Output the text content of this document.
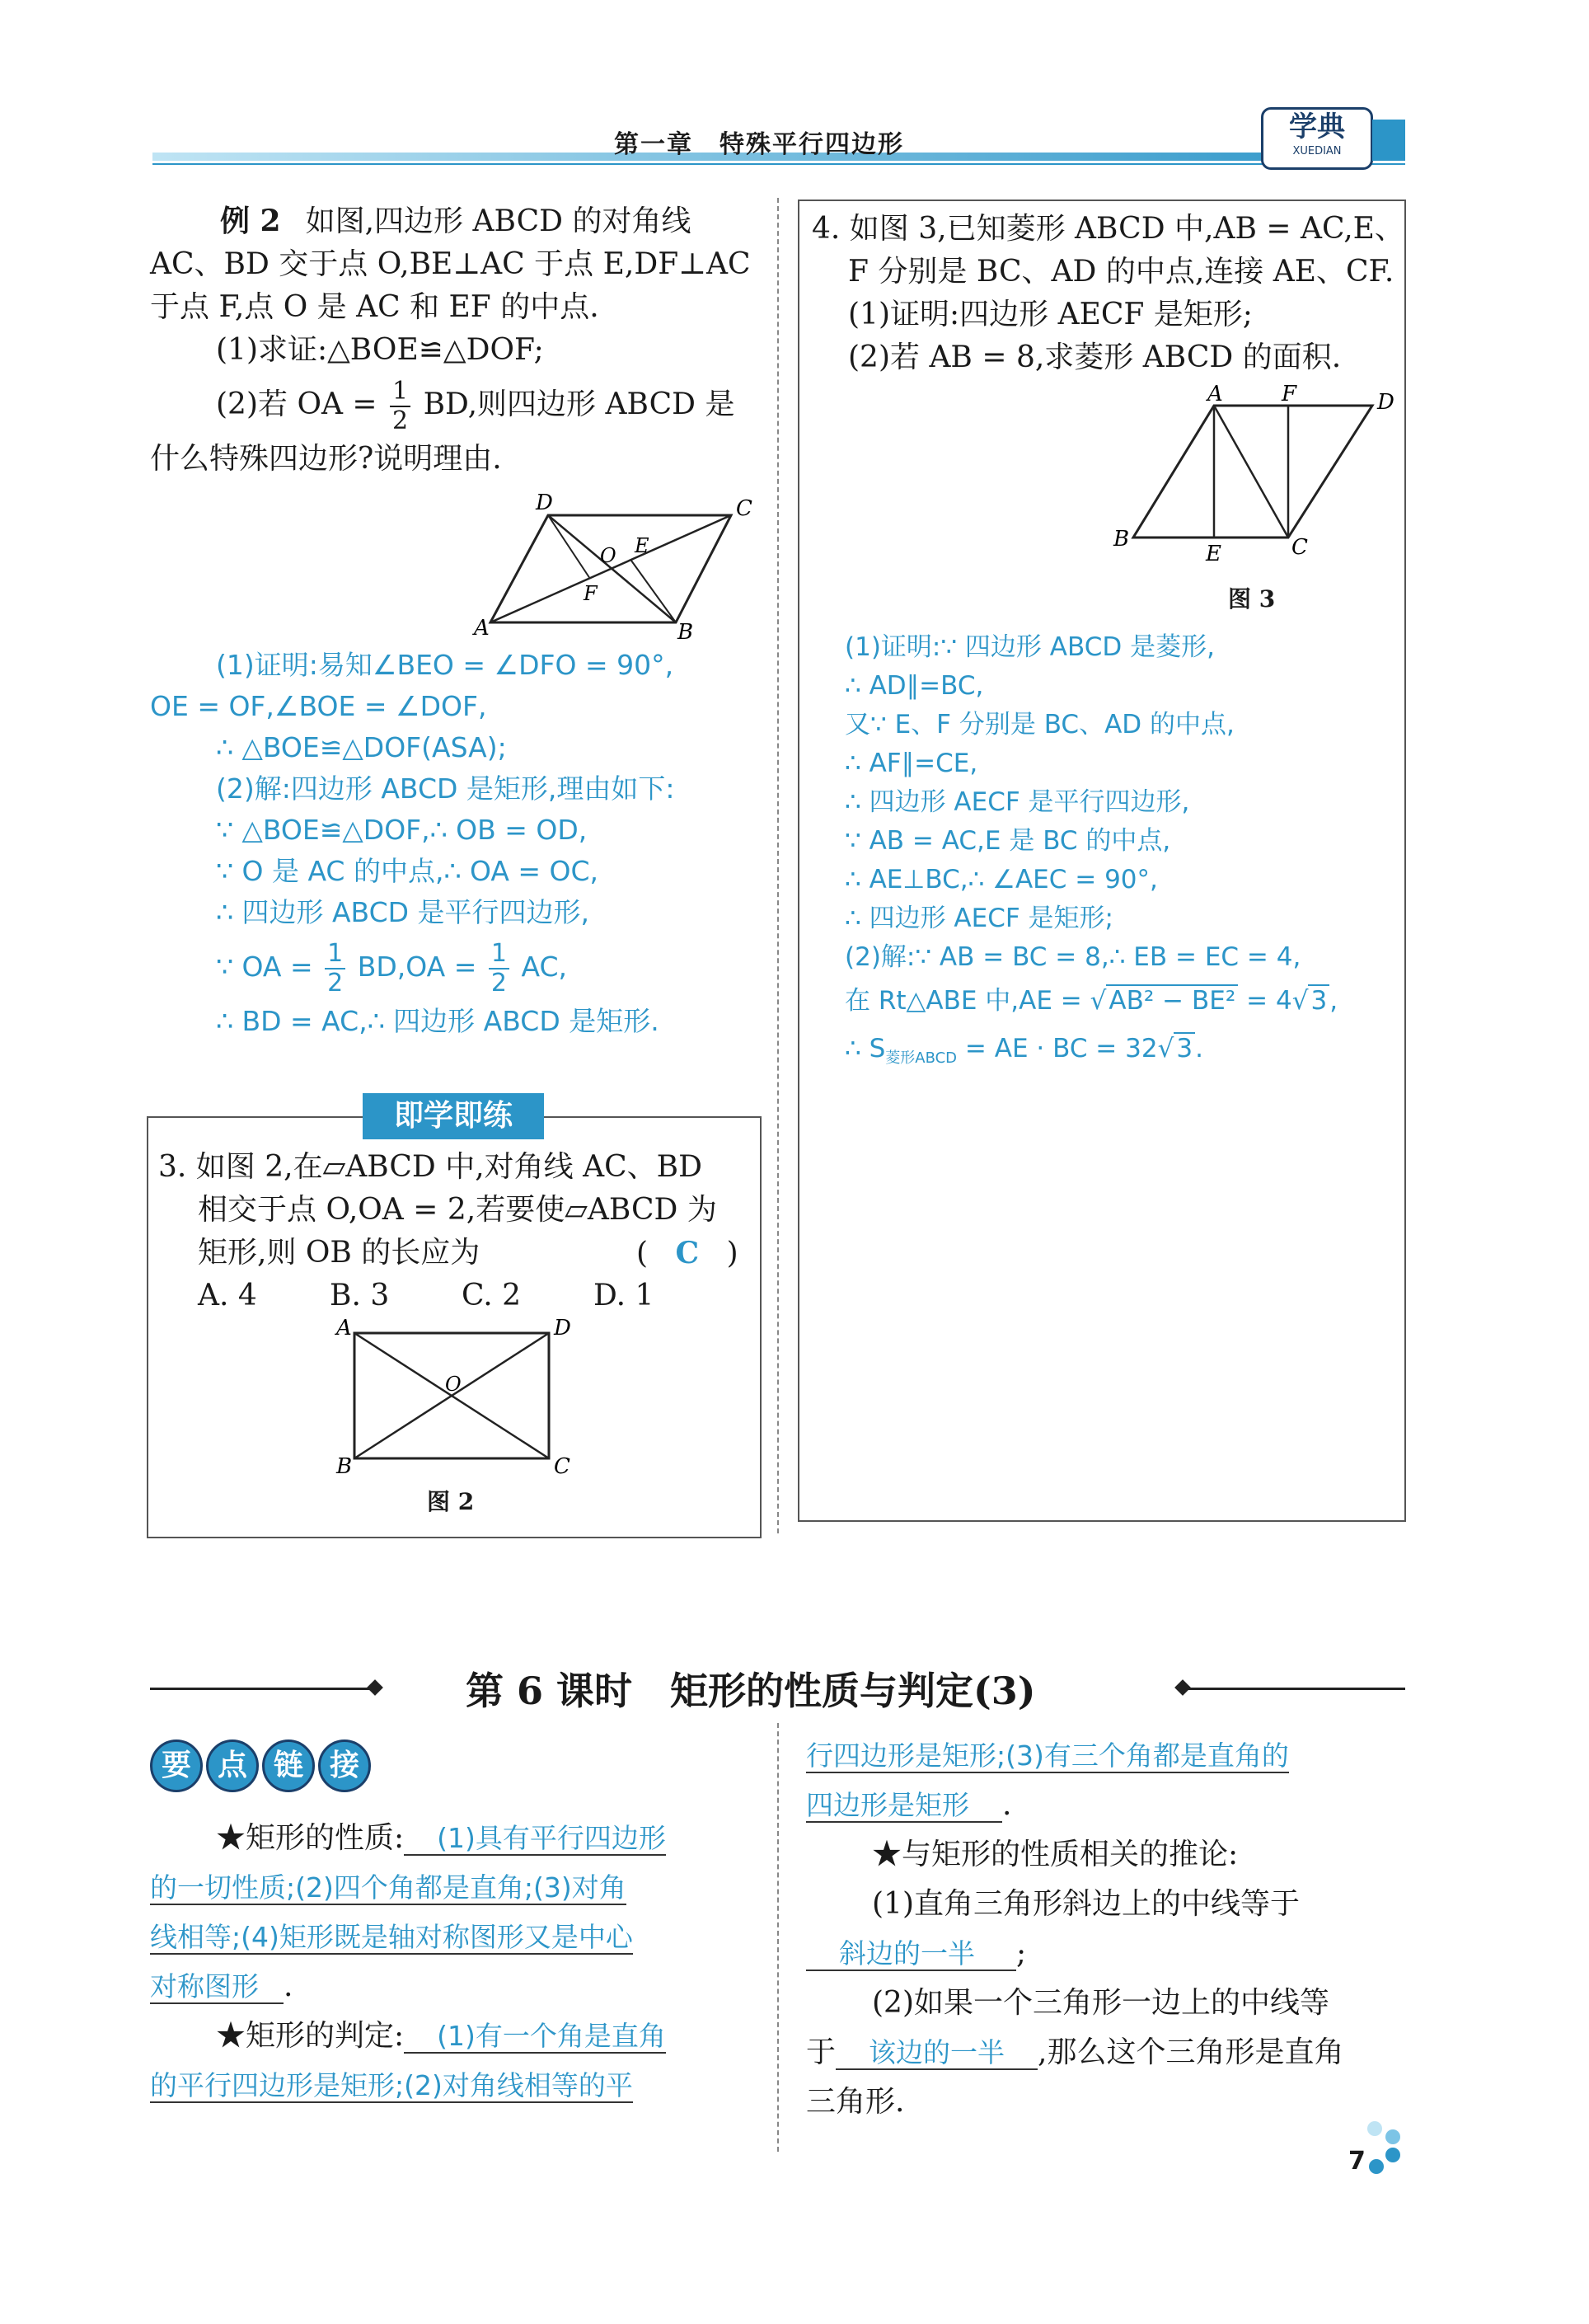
第一章　特殊平行四边形
学典
XUEDIAN
例 2 如图,四边形 ABCD 的对角线
AC、BD 交于点 O,BE⊥AC 于点 E,DF⊥AC
于点 F,点 O 是 AC 和 EF 的中点.
(1)求证:△BOE≌△DOF;
(2)若 OA = $\frac{1}{2}$ BD,则四边形 ABCD 是
什么特殊四边形?说明理由.
D	C
O E
F
A	B
(1)证明:易知∠BEO = ∠DFO = 90°,
OE = OF,∠BOE = ∠DOF,
∴ △BOE≌△DOF(ASA);
(2)解:四边形 ABCD 是矩形,理由如下:
∵ △BOE≌△DOF,∴ OB = OD,
∵ O 是 AC 的中点,∴ OA = OC,
∴ 四边形 ABCD 是平行四边形,
∵ OA = $\frac{1}{2} BD,OA = \frac{1}{2}$ AC,
∴ BD = AC,∴ 四边形 ABCD 是矩形.
即学即练
3. 如图 2,在▱ABCD 中,对角线 AC、BD
相交于点 O,OA = 2,若要使▱ABCD 为
矩形,则 OB 的长应为	( C )
A. 4 B. 3 C. 2 D. 1
A	D
O
B	C
图 2
4. 如图 3,已知菱形 ABCD 中,AB = AC,E、
F 分别是 BC、AD 的中点,连接 AE、CF.
(1)证明:四边形 AECF 是矩形;
(2)若 AB = 8,求菱形 ABCD 的面积.
A	F	D
B
E	C
图 3
(1)证明:∵ 四边形 ABCD 是菱形,
∴ AD∥=BC,
又∵ E、F 分别是 BC、AD 的中点,
∴ AF∥=CE,
∴ 四边形 AECF 是平行四边形,
∵ AB = AC,E 是 BC 的中点,
∴ AE⊥BC,∴ ∠AEC = 90°,
∴ 四边形 AECF 是矩形;
(2)解:∵ AB = BC = 8,∴ EB = EC = 4,
在 Rt△ABE 中,AE = √AB² − BE² = 4√3,
∴ $S_{菱形ABCD}$ = AE · BC = 32√3.
第 6 课时　矩形的性质与判定(3)
要 点 链 接
★矩形的性质: (1)具有平行四边形
的一切性质;(2)四个角都是直角;(3)对角
线相等;(4)矩形既是轴对称图形又是中心
对称图形 .
★矩形的判定: (1)有一个角是直角
的平行四边形是矩形;(2)对角线相等的平
行四边形是矩形;(3)有三个角都是直角的
四边形是矩形 .
★与矩形的性质相关的推论:
(1)直角三角形斜边上的中线等于
斜边的一半 ;
(2)如果一个三角形一边上的中线等
于 该边的一半 ,那么这个三角形是直角
三角形.
7
